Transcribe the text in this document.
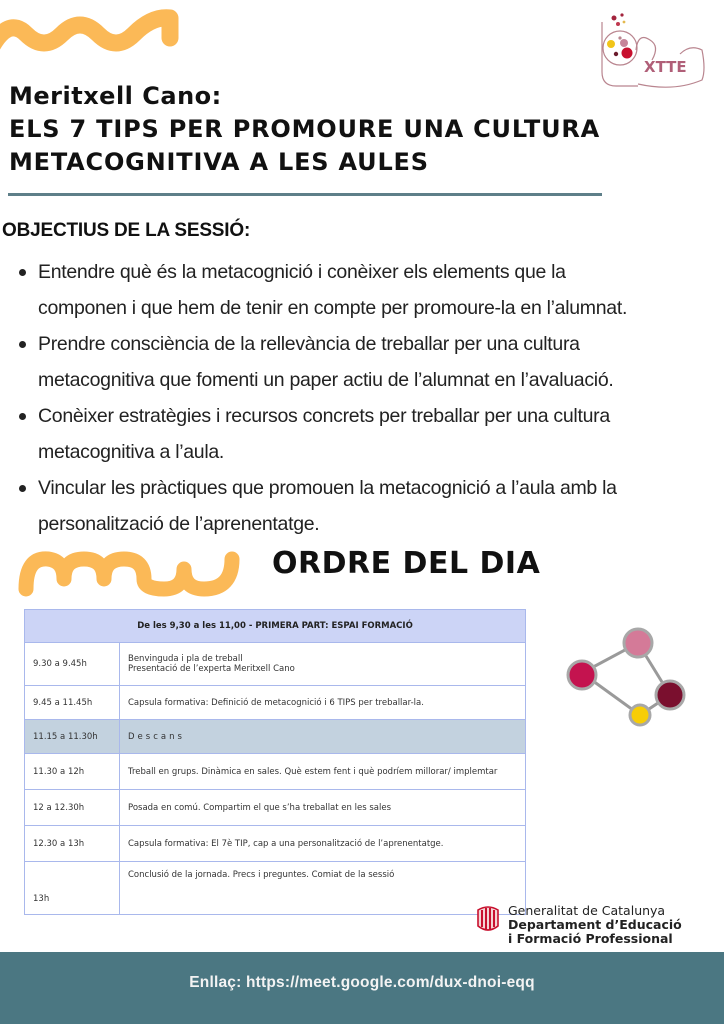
XTTE
Meritxell Cano:
ELS 7 TIPS PER PROMOURE UNA CULTURA
METACOGNITIVA A LES AULES
OBJECTIUS DE LA SESSIÓ:
Entendre què és la metacognició i conèixer els elements que la
componen i que hem de tenir en compte per promoure-la en l’alumnat.
Prendre consciència de la rellevància de treballar per una cultura
metacognitiva que fomenti un paper actiu de l’alumnat en l’avaluació.
Conèixer estratègies i recursos concrets per treballar per una cultura
metacognitiva a l’aula.
Vincular les pràctiques que promouen la metacognició a l’aula amb la
personalització de l’aprenentatge.
ORDRE DEL DIA
De les 9,30 a les 11,00 - PRIMERA PART: ESPAI FORMACIÓ	
9.30 a 9.45h	Benvinguda i pla de treball
Presentació de l’experta Meritxell Cano

9.45 a 11.45h	Capsula formativa: Definició de metacognició i 6 TIPS per treballar-la.
11.15 a 11.30h	Descans
11.30 a 12h	Treball en grups. Dinàmica en sales. Què estem fent i què podríem millorar/ implemtar
12 a 12.30h	Posada en comú. Compartim el que s’ha treballat en les sales
12.30 a 13h	Capsula formativa: El 7è TIP, cap a una personalització de l’aprenentatge.
13h	Conclusió de la jornada. Precs i preguntes. Comiat de la sessió
Generalitat de Catalunya
Departament d’Educació
i Formació Professional
Enllaç: https://meet.google.com/dux-dnoi-eqq
